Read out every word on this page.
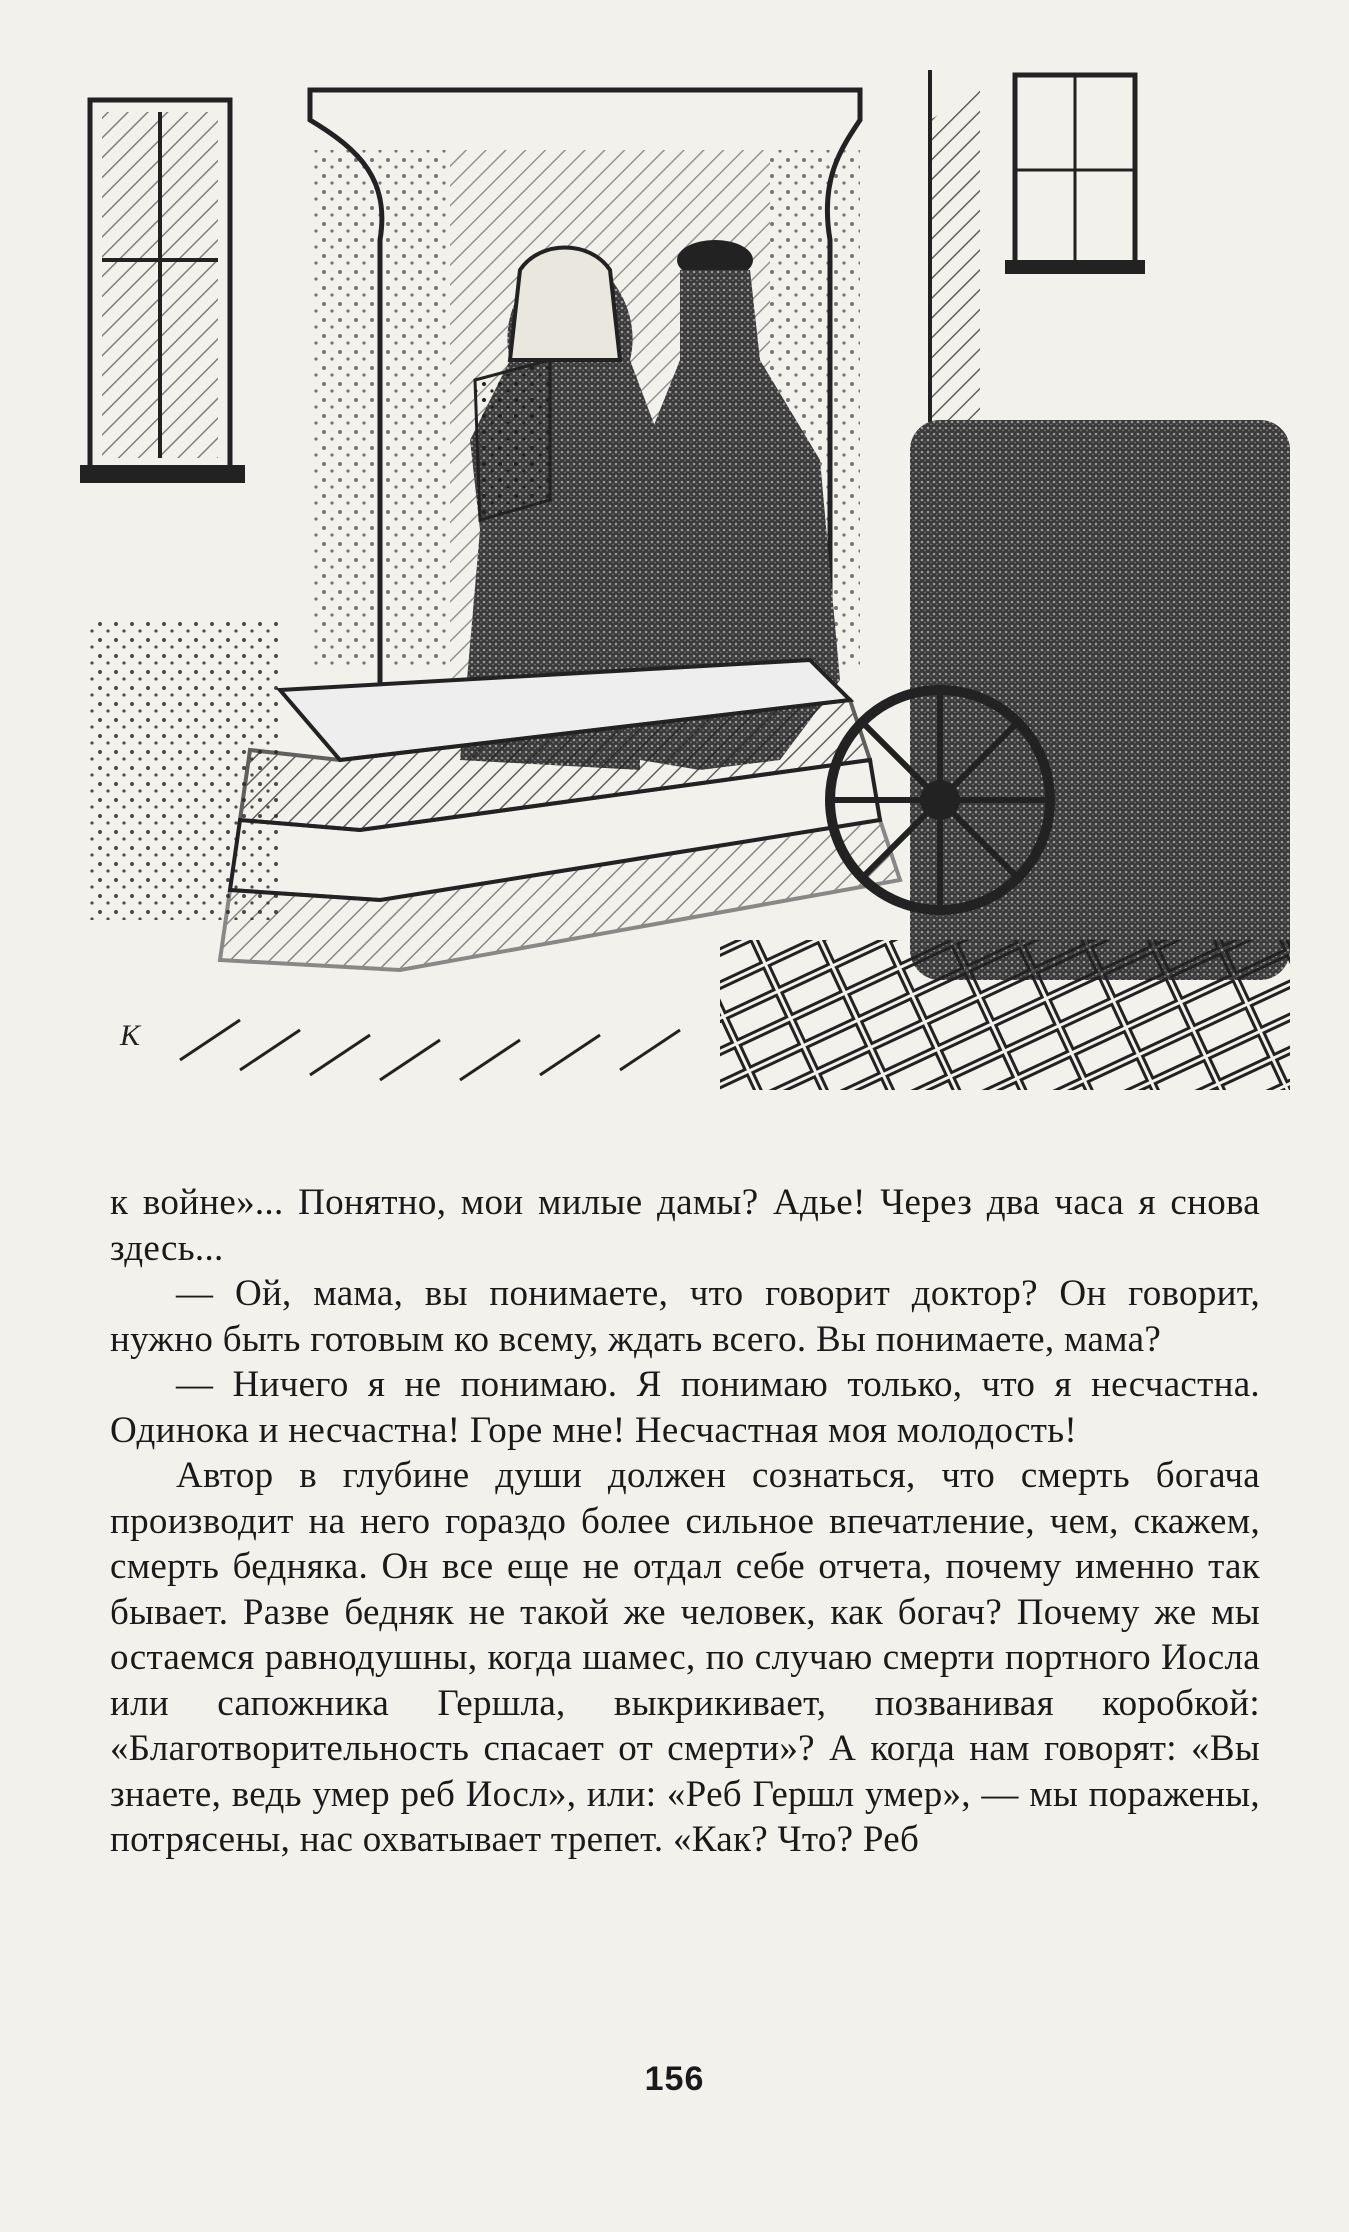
К

к войне»... Понятно, мои милые дамы? Адье! Через два часа я снова здесь...

— Ой, мама, вы понимаете, что говорит доктор? Он говорит, нужно быть готовым ко всему, ждать всего. Вы понимаете, мама?

— Ничего я не понимаю. Я понимаю только, что я несчастна. Одинока и несчастна! Горе мне! Несчастная моя молодость!

Автор в глубине души должен сознаться, что смерть богача производит на него гораздо более сильное впечатление, чем, скажем, смерть бедняка. Он все еще не отдал себе отчета, почему именно так бывает. Разве бедняк не такой же человек, как богач? Почему же мы остаемся равнодушны, когда шамес, по случаю смерти портного Иосла или сапожника Гершла, выкрикивает, позванивая коробкой: «Благотворительность спасает от смерти»? А когда нам говорят: «Вы знаете, ведь умер реб Иосл», или: «Реб Гершл умер», — мы поражены, потрясены, нас охватывает трепет. «Как? Что? Реб

156
